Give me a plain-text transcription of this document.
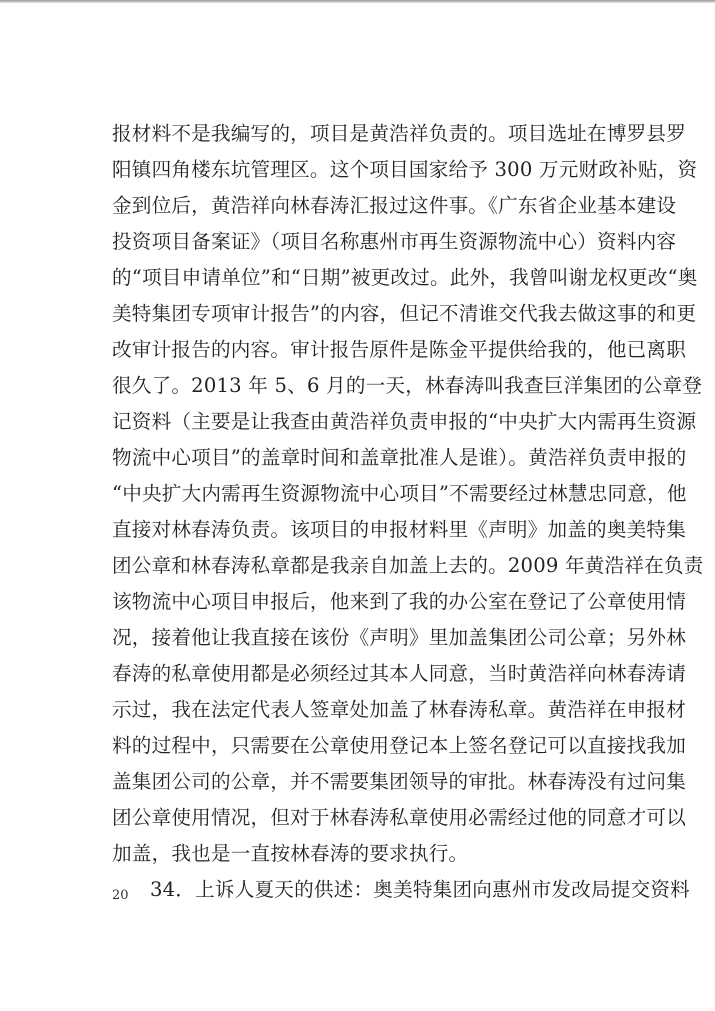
报材料不是我编写的，项目是黄浩祥负责的。项目选址在博罗县罗
阳镇四角楼东坑管理区。这个项目国家给予 300 万元财政补贴，资
金到位后，黄浩祥向林春涛汇报过这件事。《广东省企业基本建设
投资项目备案证》（项目名称惠州市再生资源物流中心）资料内容
的“项目申请单位”和“日期”被更改过。此外，我曾叫谢龙权更改“奥
美特集团专项审计报告”的内容，但记不清谁交代我去做这事的和更
改审计报告的内容。审计报告原件是陈金平提供给我的，他已离职
很久了。2013 年 5、6 月的一天，林春涛叫我查巨洋集团的公章登
记资料（主要是让我查由黄浩祥负责申报的“中央扩大内需再生资源
物流中心项目”的盖章时间和盖章批准人是谁）。黄浩祥负责申报的
“中央扩大内需再生资源物流中心项目”不需要经过林慧忠同意，他
直接对林春涛负责。该项目的申报材料里《声明》加盖的奥美特集
团公章和林春涛私章都是我亲自加盖上去的。2009 年黄浩祥在负责
该物流中心项目申报后，他来到了我的办公室在登记了公章使用情
况，接着他让我直接在该份《声明》里加盖集团公司公章；另外林
春涛的私章使用都是必须经过其本人同意，当时黄浩祥向林春涛请
示过，我在法定代表人签章处加盖了林春涛私章。黄浩祥在申报材
料的过程中，只需要在公章使用登记本上签名登记可以直接找我加
盖集团公司的公章，并不需要集团领导的审批。林春涛没有过问集
团公章使用情况，但对于林春涛私章使用必需经过他的同意才可以
加盖，我也是一直按林春涛的要求执行。
34．上诉人夏天的供述：奥美特集团向惠州市发改局提交资料
20
